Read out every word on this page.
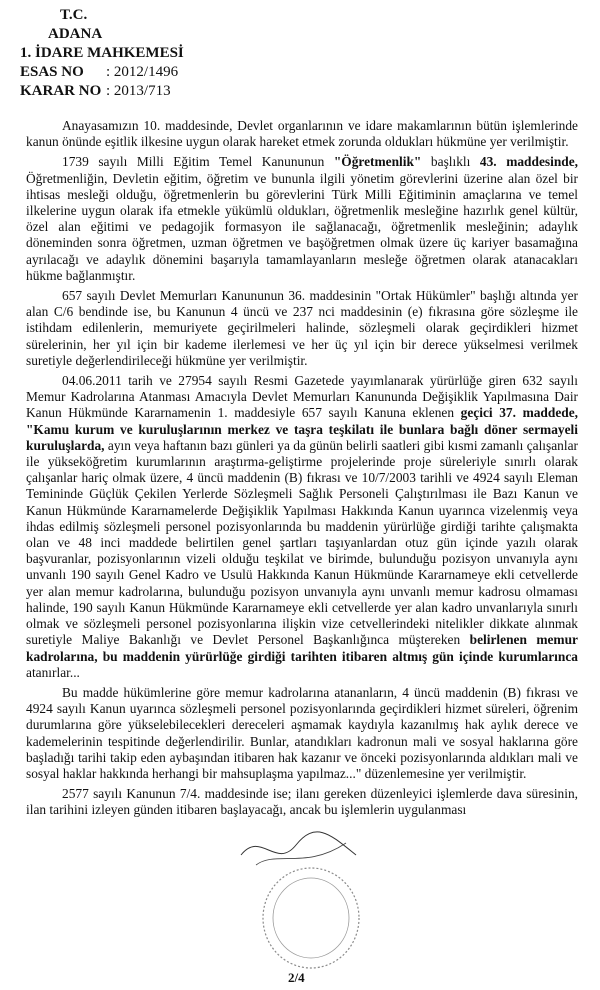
T.C.
ADANA
1. İDARE MAHKEMESİ
ESAS NO : 2012/1496
KARAR NO : 2013/713

Anayasamızın 10. maddesinde, Devlet organlarının ve idare makamlarının bütün işlemlerinde kanun önünde eşitlik ilkesine uygun olarak hareket etmek zorunda oldukları hükmüne yer verilmiştir.

1739 sayılı Milli Eğitim Temel Kanununun "Öğretmenlik" başlıklı 43. maddesinde, Öğretmenliğin, Devletin eğitim, öğretim ve bununla ilgili yönetim görevlerini üzerine alan özel bir ihtisas mesleği olduğu, öğretmenlerin bu görevlerini Türk Milli Eğitiminin amaçlarına ve temel ilkelerine uygun olarak ifa etmekle yükümlü oldukları, öğretmenlik mesleğine hazırlık genel kültür, özel alan eğitimi ve pedagojik formasyon ile sağlanacağı, öğretmenlik mesleğinin; adaylık döneminden sonra öğretmen, uzman öğretmen ve başöğretmen olmak üzere üç kariyer basamağına ayrılacağı ve adaylık dönemini başarıyla tamamlayanların mesleğe öğretmen olarak atanacakları hükme bağlanmıştır.

657 sayılı Devlet Memurları Kanununun 36. maddesinin "Ortak Hükümler" başlığı altında yer alan C/6 bendinde ise, bu Kanunun 4 üncü ve 237 nci maddesinin (e) fıkrasına göre sözleşme ile istihdam edilenlerin, memuriyete geçirilmeleri halinde, sözleşmeli olarak geçirdikleri hizmet sürelerinin, her yıl için bir kademe ilerlemesi ve her üç yıl için bir derece yükselmesi verilmek suretiyle değerlendirileceği hükmüne yer verilmiştir.

04.06.2011 tarih ve 27954 sayılı Resmi Gazetede yayımlanarak yürürlüğe giren 632 sayılı Memur Kadrolarına Atanması Amacıyla Devlet Memurları Kanununda Değişiklik Yapılmasına Dair Kanun Hükmünde Kararnamenin 1. maddesiyle 657 sayılı Kanuna eklenen geçici 37. maddede, "Kamu kurum ve kuruluşlarının merkez ve taşra teşkilatı ile bunlara bağlı döner sermayeli kuruluşlarda, ayın veya haftanın bazı günleri ya da günün belirli saatleri gibi kısmi zamanlı çalışanlar ile yükseköğretim kurumlarının araştırma-geliştirme projelerinde proje süreleriyle sınırlı olarak çalışanlar hariç olmak üzere, 4 üncü maddenin (B) fıkrası ve 10/7/2003 tarihli ve 4924 sayılı Eleman Temininde Güçlük Çekilen Yerlerde Sözleşmeli Sağlık Personeli Çalıştırılması ile Bazı Kanun ve Kanun Hükmünde Kararnamelerde Değişiklik Yapılması Hakkında Kanun uyarınca vizelenmiş veya ihdas edilmiş sözleşmeli personel pozisyonlarında bu maddenin yürürlüğe girdiği tarihte çalışmakta olan ve 48 inci maddede belirtilen genel şartları taşıyanlardan otuz gün içinde yazılı olarak başvuranlar, pozisyonlarının vizeli olduğu teşkilat ve birimde, bulunduğu pozisyon unvanıyla aynı unvanlı 190 sayılı Genel Kadro ve Usulü Hakkında Kanun Hükmünde Kararnameye ekli cetvellerde yer alan memur kadrolarına, bulunduğu pozisyon unvanıyla aynı unvanlı memur kadrosu olmaması halinde, 190 sayılı Kanun Hükmünde Kararnameye ekli cetvellerde yer alan kadro unvanlarıyla sınırlı olmak ve sözleşmeli personel pozisyonlarına ilişkin vize cetvellerindeki nitelikler dikkate alınmak suretiyle Maliye Bakanlığı ve Devlet Personel Başkanlığınca müştereken belirlenen memur kadrolarına, bu maddenin yürürlüğe girdiği tarihten itibaren altmış gün içinde kurumlarınca atanırlar...

Bu madde hükümlerine göre memur kadrolarına atananların, 4 üncü maddenin (B) fıkrası ve 4924 sayılı Kanun uyarınca sözleşmeli personel pozisyonlarında geçirdikleri hizmet süreleri, öğrenim durumlarına göre yükselebilecekleri dereceleri aşmamak kaydıyla kazanılmış hak aylık derece ve kademelerinin tespitinde değerlendirilir. Bunlar, atandıkları kadronun mali ve sosyal haklarına göre başladığı tarihi takip eden aybaşından itibaren hak kazanır ve önceki pozisyonlarında aldıkları mali ve sosyal haklar hakkında herhangi bir mahsuplaşma yapılmaz..." düzenlemesine yer verilmiştir.

2577 sayılı Kanunun 7/4. maddesinde ise; ilanı gereken düzenleyici işlemlerde dava süresinin, ilan tarihini izleyen günden itibaren başlayacağı, ancak bu işlemlerin uygulanması

2/4
